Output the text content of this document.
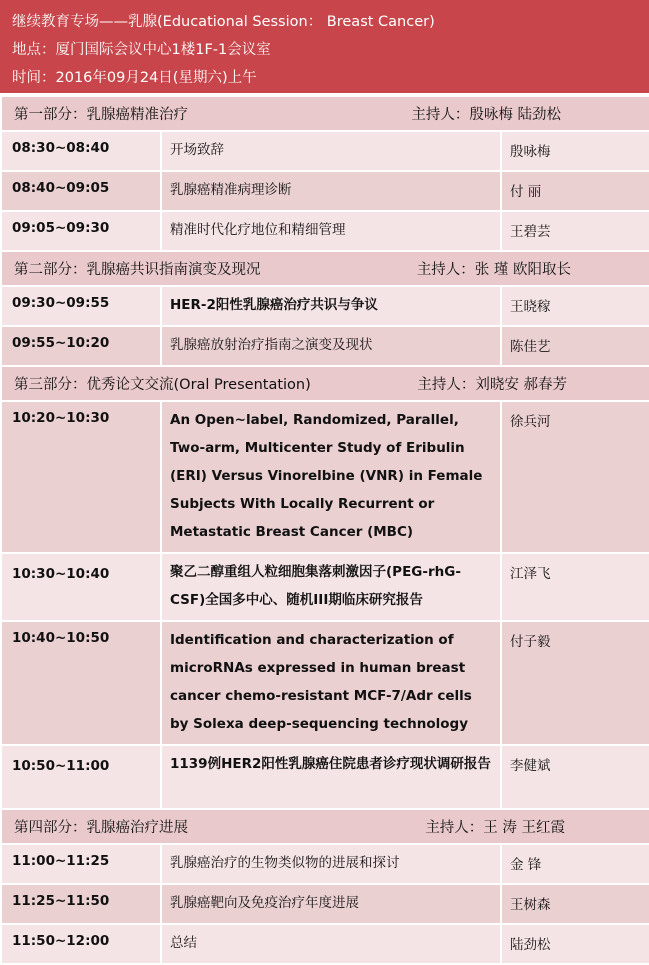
继续教育专场——乳腺(Educational Session： Breast Cancer)
地点：厦门国际会议中心1楼1F-1会议室
时间：2016年09月24日(星期六)上午
第一部分：乳腺癌精准治疗 主持人：殷咏梅 陆劲松		

08:30~08:40	开场致辞	殷咏梅
08:40~09:05	乳腺癌精准病理诊断	付 丽
09:05~09:30	精准时代化疗地位和精细管理	王碧芸

第二部分：乳腺癌共识指南演变及现况 主持人：张 瑾 欧阳取长		

09:30~09:55	HER-2阳性乳腺癌治疗共识与争议	王晓稼
09:55~10:20	乳腺癌放射治疗指南之演变及现状	陈佳艺

第三部分：优秀论文交流(Oral Presentation) 主持人：刘晓安 郝春芳		

10:20~10:30	An Open~label, Randomized, Parallel, Two-arm, Multicenter Study of Eribulin (ERI) Versus Vinorelbine (VNR) in Female Subjects With Locally Recurrent or Metastatic Breast Cancer (MBC)	徐兵河
10:30~10:40	聚乙二醇重组人粒细胞集落刺激因子(PEG-rhG-CSF)全国多中心、随机III期临床研究报告	江泽飞
10:40~10:50	Identification and characterization of microRNAs expressed in human breast cancer chemo-resistant MCF-7/Adr cells by Solexa deep-sequencing technology	付子毅
10:50~11:00	1139例HER2阳性乳腺癌住院患者诊疗现状调研报告	李健斌

第四部分：乳腺癌治疗进展 主持人：王 涛 王红霞		

11:00~11:25	乳腺癌治疗的生物类似物的进展和探讨	金 锋
11:25~11:50	乳腺癌靶向及免疫治疗年度进展	王树森
11:50~12:00	总结	陆劲松
